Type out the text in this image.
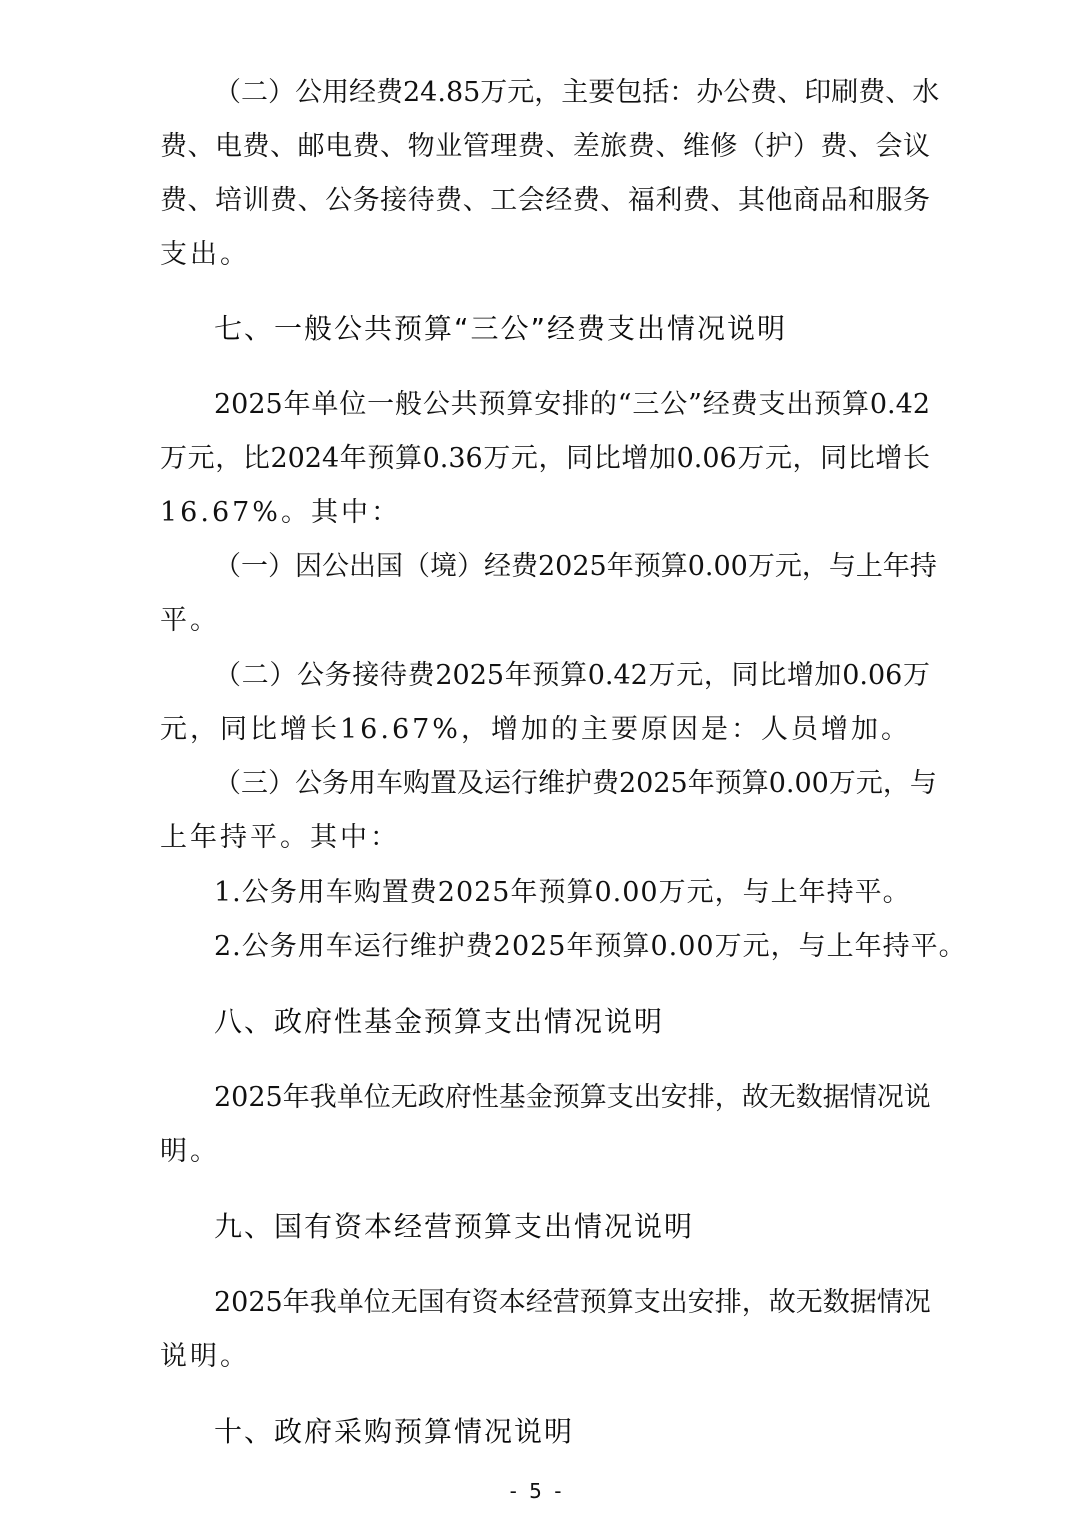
（二）公用经费24.85万元，主要包括：办公费、印刷费、水
费、电费、邮电费、物业管理费、差旅费、维修（护）费、会议
费、培训费、公务接待费、工会经费、福利费、其他商品和服务
支出。
七、一般公共预算“三公”经费支出情况说明
2025年单位一般公共预算安排的“三公”经费支出预算0.42
万元，比2024年预算0.36万元，同比增加0.06万元，同比增长
16.67%。其中：
（一）因公出国（境）经费2025年预算0.00万元，与上年持
平。
（二）公务接待费2025年预算0.42万元，同比增加0.06万
元，同比增长16.67%，增加的主要原因是：人员增加。
（三）公务用车购置及运行维护费2025年预算0.00万元，与
上年持平。其中：
1.公务用车购置费2025年预算0.00万元，与上年持平。
2.公务用车运行维护费2025年预算0.00万元，与上年持平。
八、政府性基金预算支出情况说明
2025年我单位无政府性基金预算支出安排，故无数据情况说
明。
九、国有资本经营预算支出情况说明
2025年我单位无国有资本经营预算支出安排，故无数据情况
说明。
十、政府采购预算情况说明
- 5 -
